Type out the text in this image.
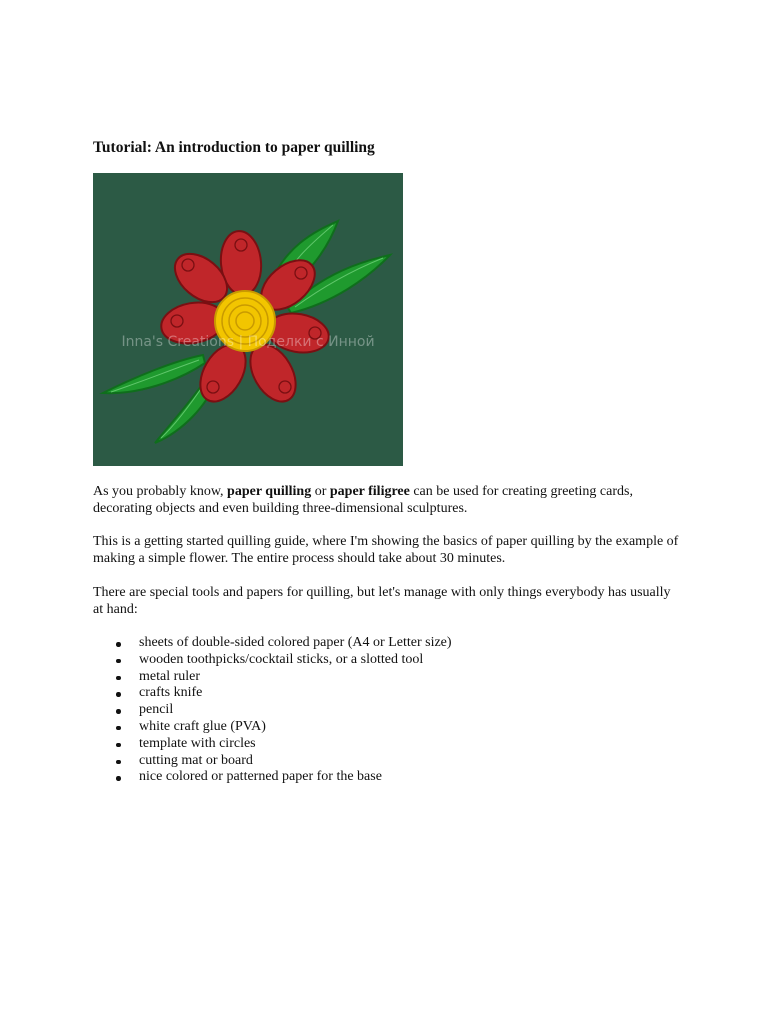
Tutorial: An introduction to paper quilling
Inna's Creations | Поделки с Инной

As you probably know, paper quilling or paper filigree can be used for creating greeting cards, decorating objects and even building three-dimensional sculptures.

This is a getting started quilling guide, where I'm showing the basics of paper quilling by the example of making a simple flower. The entire process should take about 30 minutes.

There are special tools and papers for quilling, but let's manage with only things everybody has usually at hand:

sheets of double-sided colored paper (A4 or Letter size)
wooden toothpicks/cocktail sticks, or a slotted tool
metal ruler
crafts knife
pencil
white craft glue (PVA)
template with circles
cutting mat or board
nice colored or patterned paper for the base
